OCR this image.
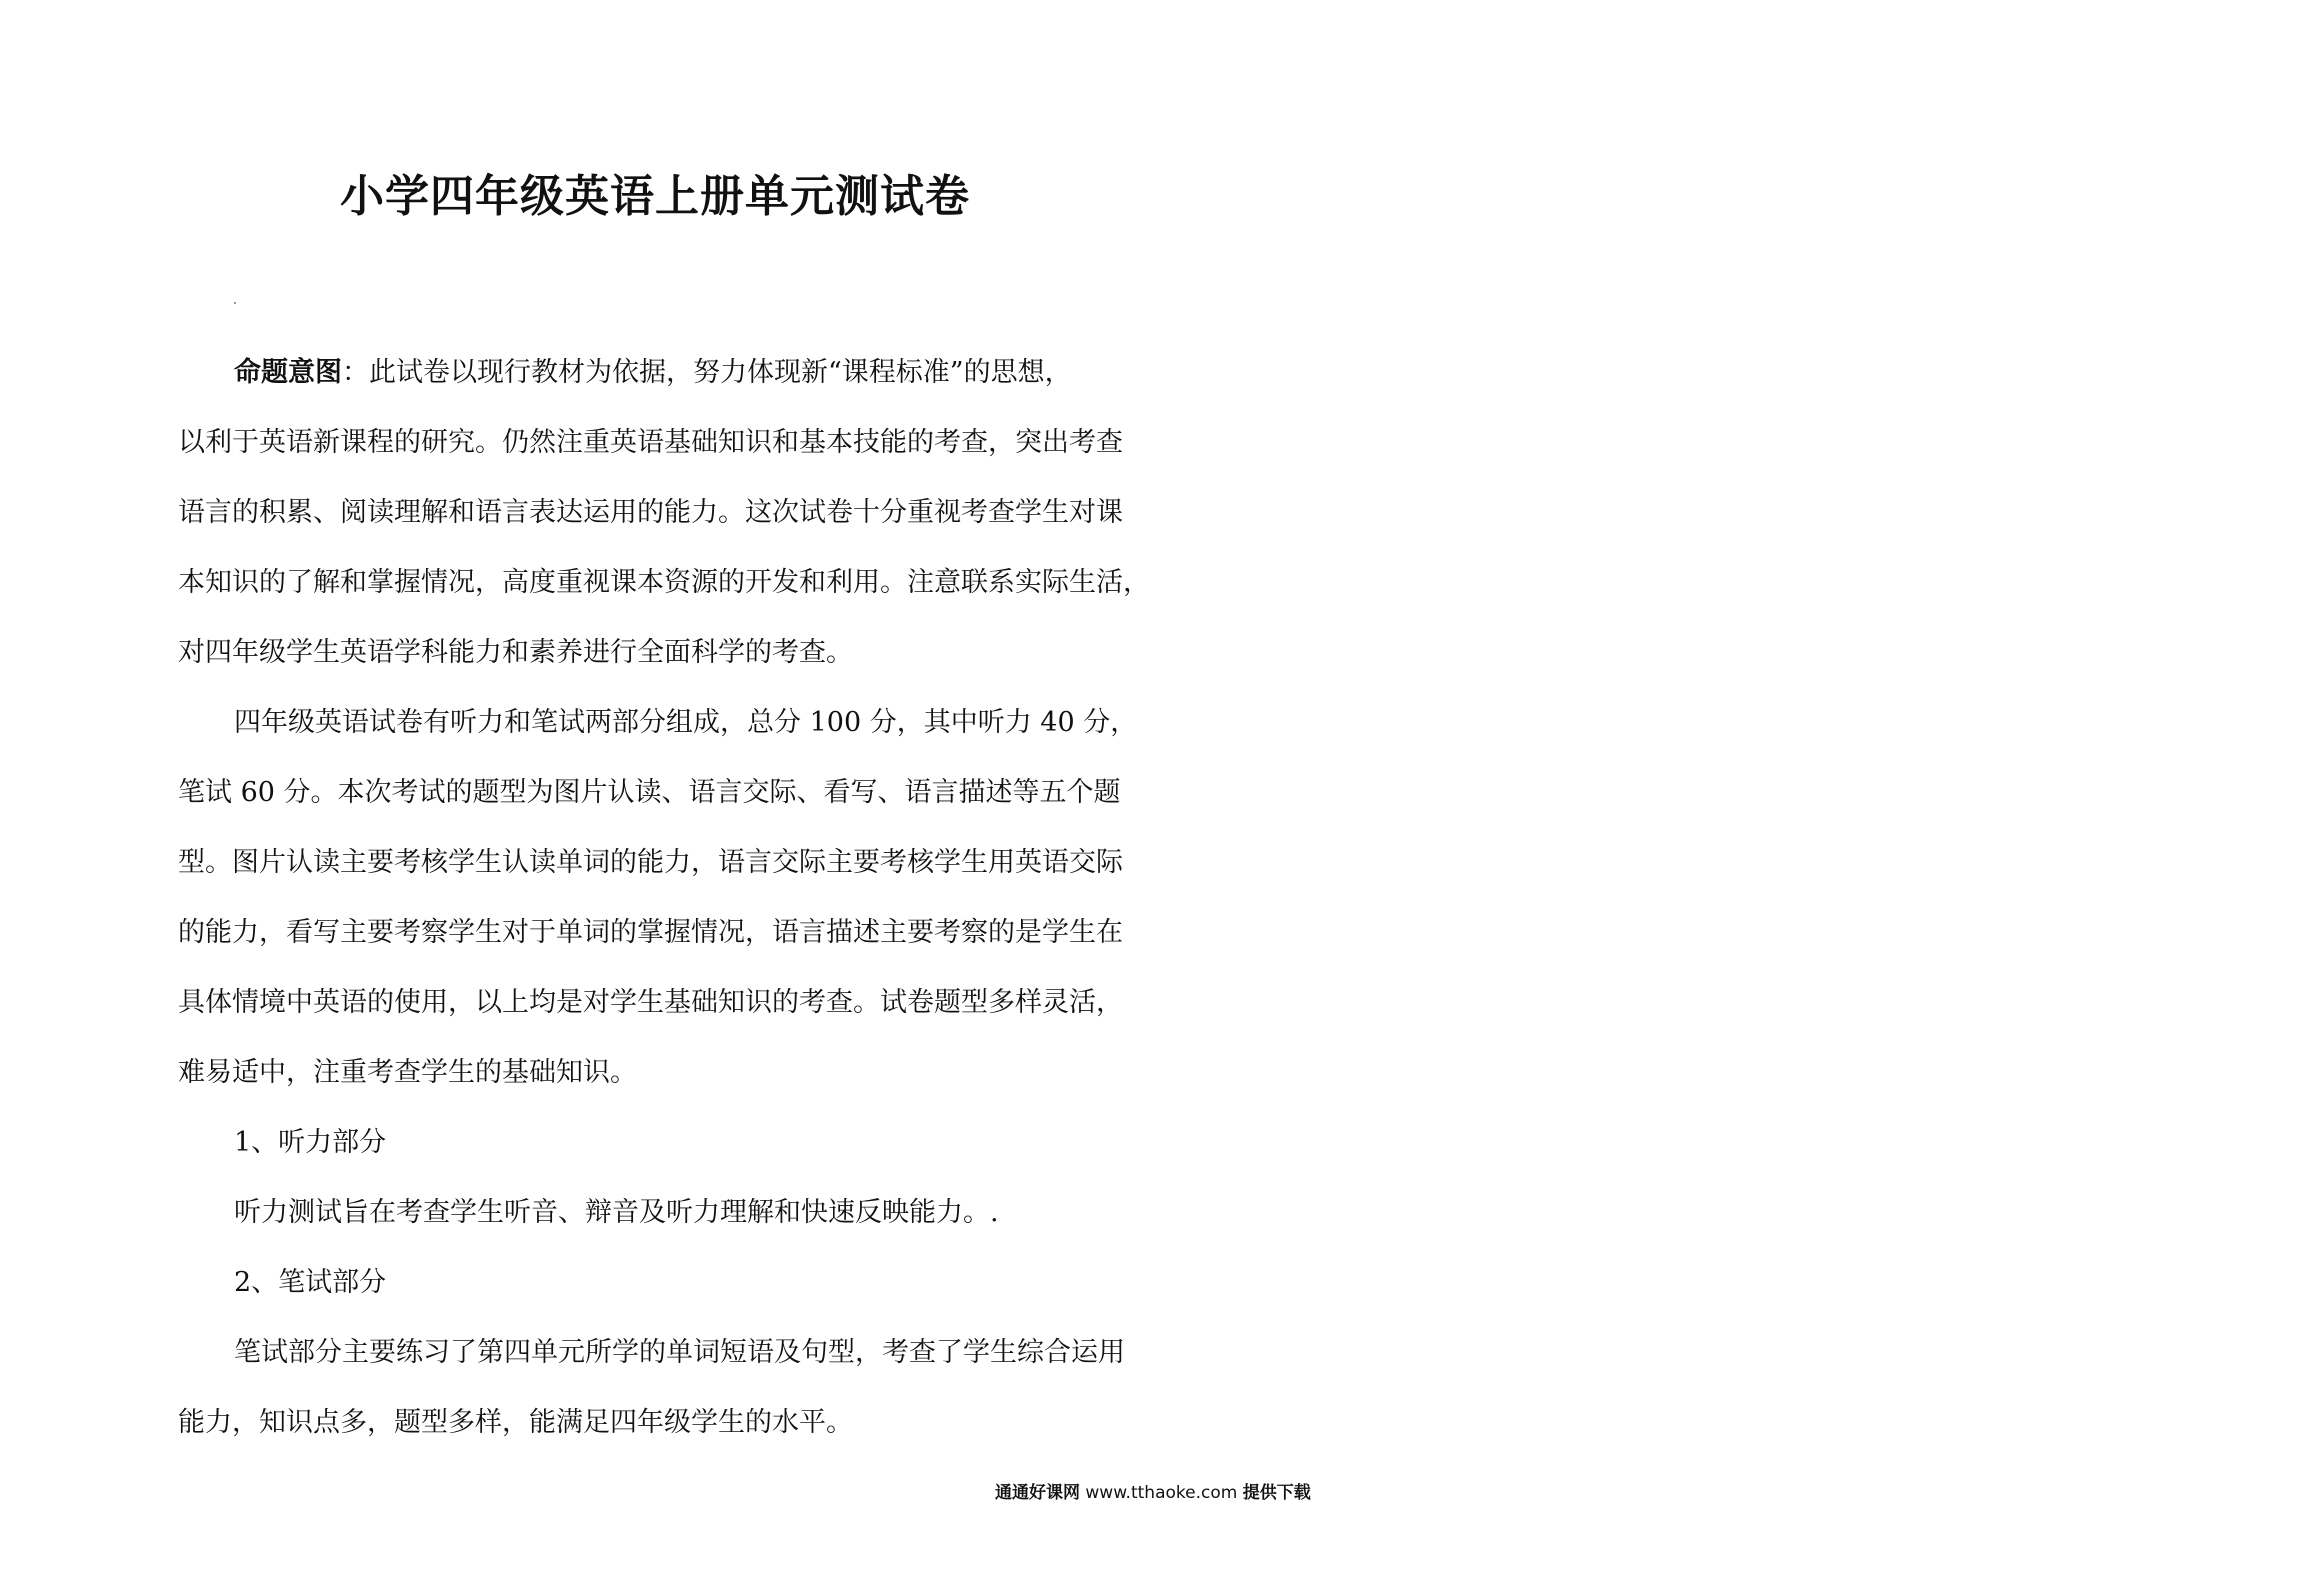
小学四年级英语上册单元测试卷
命题意图：此试卷以现行教材为依据，努力体现新“课程标准”的思想，
以利于英语新课程的研究。仍然注重英语基础知识和基本技能的考查，突出考查
语言的积累、阅读理解和语言表达运用的能力。这次试卷十分重视考查学生对课
本知识的了解和掌握情况，高度重视课本资源的开发和利用。注意联系实际生活，
对四年级学生英语学科能力和素养进行全面科学的考查。
四年级英语试卷有听力和笔试两部分组成，总分 100 分，其中听力 40 分，
笔试 60 分。本次考试的题型为图片认读、语言交际、看写、语言描述等五个题
型。图片认读主要考核学生认读单词的能力，语言交际主要考核学生用英语交际
的能力，看写主要考察学生对于单词的掌握情况，语言描述主要考察的是学生在
具体情境中英语的使用，以上均是对学生基础知识的考查。试卷题型多样灵活，
难易适中，注重考查学生的基础知识。
1、听力部分
听力测试旨在考查学生听音、辩音及听力理解和快速反映能力。.
2、笔试部分
笔试部分主要练习了第四单元所学的单词短语及句型，考查了学生综合运用
能力，知识点多，题型多样，能满足四年级学生的水平。
通通好课网 www.tthaoke.com 提供下载
